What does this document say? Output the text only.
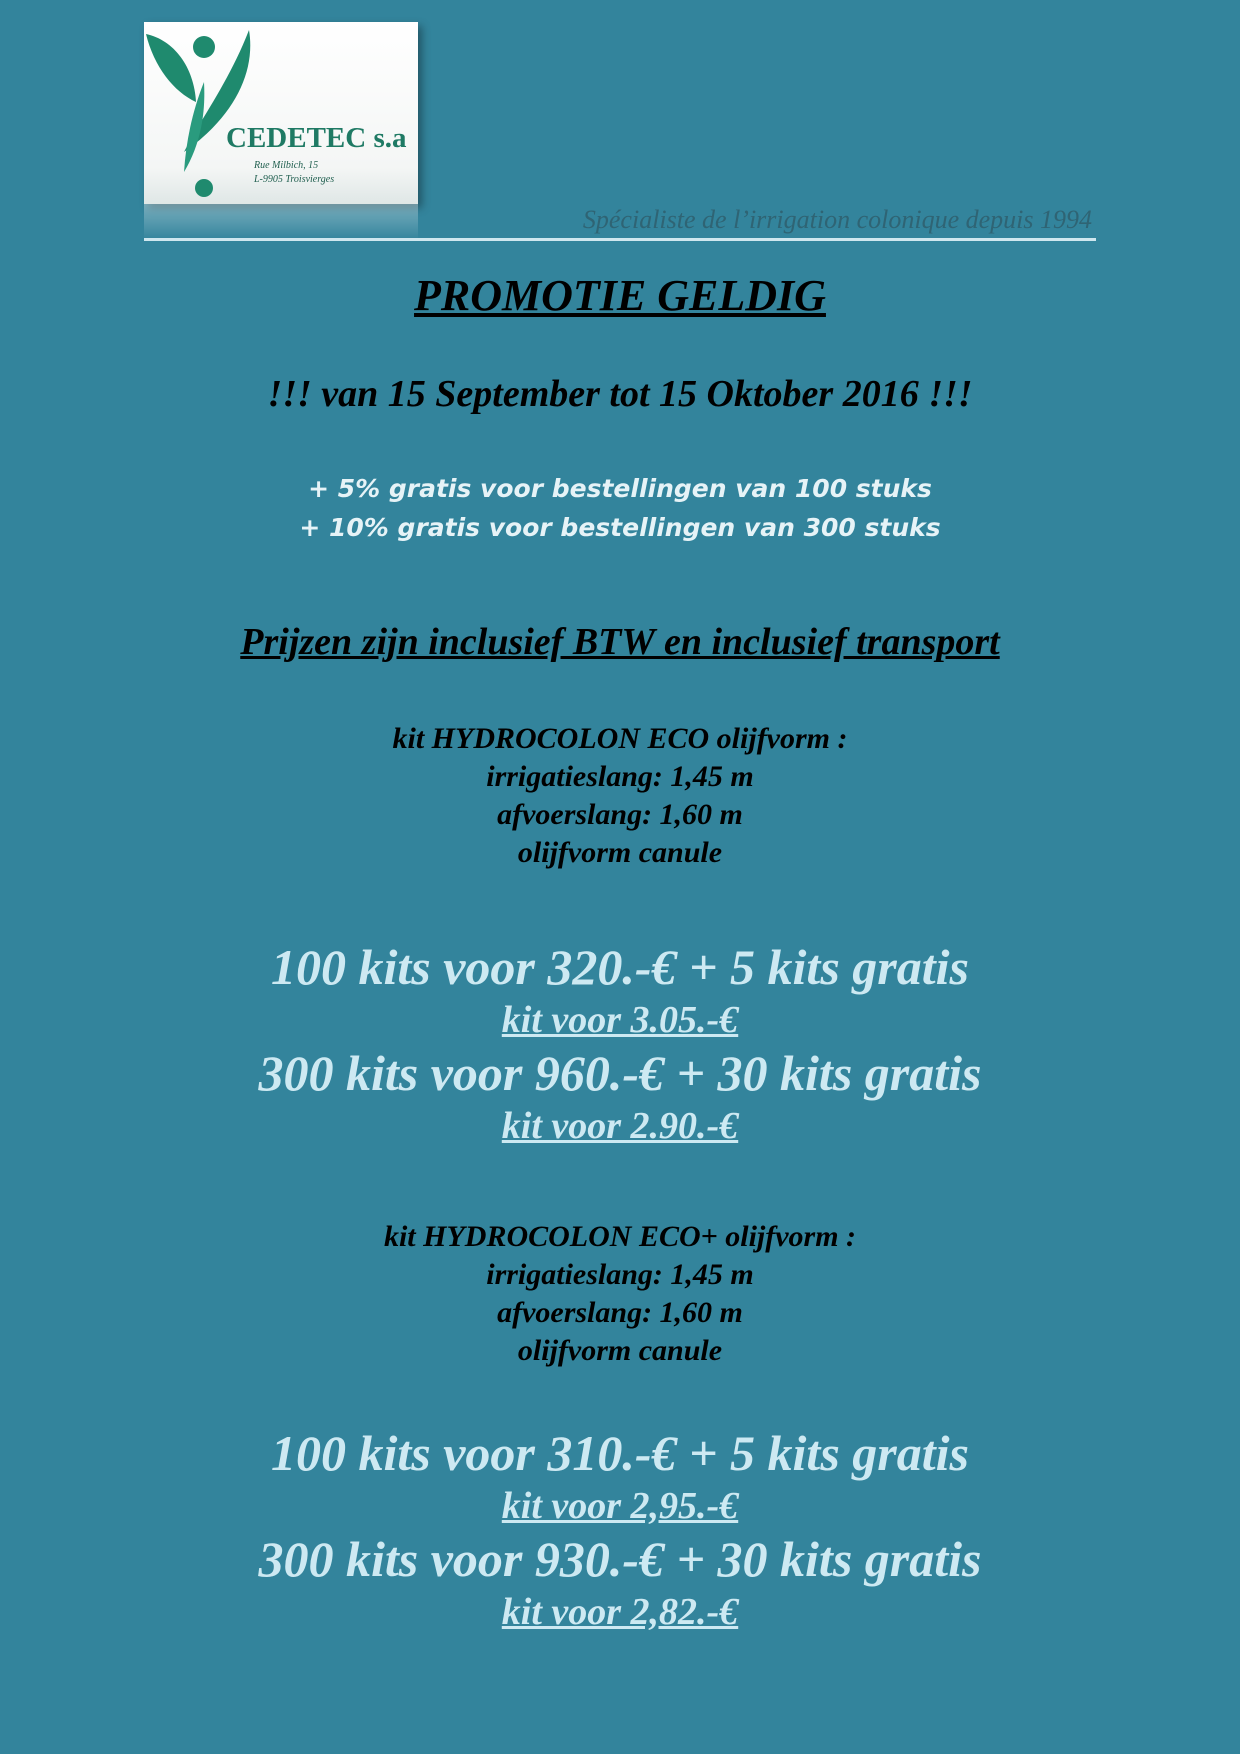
CEDETEC s.a
Rue Milbich, 15
L-9905 Troisvierges
Spécialiste de l’irrigation colonique depuis 1994
PROMOTIE GELDIG
!!! van 15 September tot 15 Oktober 2016 !!!
+ 5% gratis voor bestellingen van 100 stuks
+ 10% gratis voor bestellingen van 300 stuks
Prijzen zijn inclusief BTW en inclusief transport
kit HYDROCOLON ECO olijfvorm :
irrigatieslang: 1,45 m
afvoerslang: 1,60 m
olijfvorm canule
100 kits voor 320.-€ + 5 kits gratis
kit voor 3.05.-€
300 kits voor 960.-€ + 30 kits gratis
kit voor 2.90.-€
kit HYDROCOLON ECO+ olijfvorm :
irrigatieslang: 1,45 m
afvoerslang: 1,60 m
olijfvorm canule
100 kits voor 310.-€ + 5 kits gratis
kit voor 2,95.-€
300 kits voor 930.-€ + 30 kits gratis
kit voor 2,82.-€
